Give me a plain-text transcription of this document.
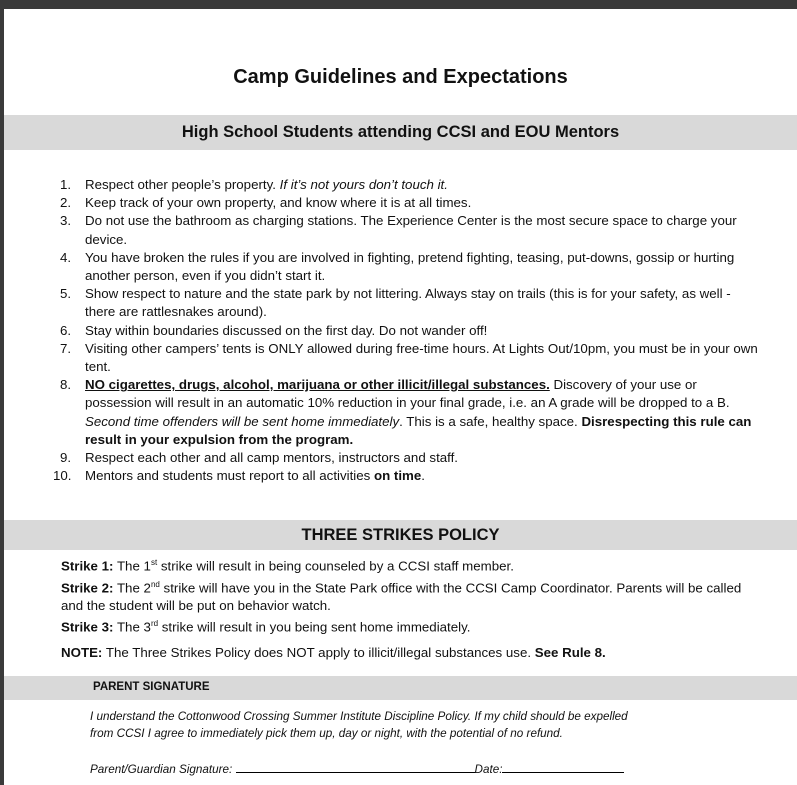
Camp Guidelines and Expectations
High School Students attending CCSI and EOU Mentors
1.	Respect other people’s property. If it’s not yours don’t touch it.
2.	Keep track of your own property, and know where it is at all times.
3.	Do not use the bathroom as charging stations. The Experience Center is the most secure space to charge your device.
4.	You have broken the rules if you are involved in fighting, pretend fighting, teasing, put-downs, gossip or hurting another person, even if you didn’t start it.
5.	Show respect to nature and the state park by not littering. Always stay on trails (this is for your safety, as well - there are rattlesnakes around).
6.	Stay within boundaries discussed on the first day. Do not wander off!
7.	Visiting other campers’ tents is ONLY allowed during free-time hours. At Lights Out/10pm, you must be in your own tent.
8.	NO cigarettes, drugs, alcohol, marijuana or other illicit/illegal substances. Discovery of your use or possession will result in an automatic 10% reduction in your final grade, i.e. an A grade will be dropped to a B. Second time offenders will be sent home immediately. This is a safe, healthy space. Disrespecting this rule can result in your expulsion from the program.
9.	Respect each other and all camp mentors, instructors and staff.
10.	Mentors and students must report to all activities on time.
THREE STRIKES POLICY
Strike 1: The 1st strike will result in being counseled by a CCSI staff member.
Strike 2: The 2nd strike will have you in the State Park office with the CCSI Camp Coordinator. Parents will be called and the student will be put on behavior watch.
Strike 3: The 3rd strike will result in you being sent home immediately.
NOTE: The Three Strikes Policy does NOT apply to illicit/illegal substances use. See Rule 8.
PARENT SIGNATURE
I understand the Cottonwood Crossing Summer Institute Discipline Policy. If my child should be expelled
from CCSI I agree to immediately pick them up, day or night, with the potential of no refund.
Parent/Guardian Signature:	Date:
